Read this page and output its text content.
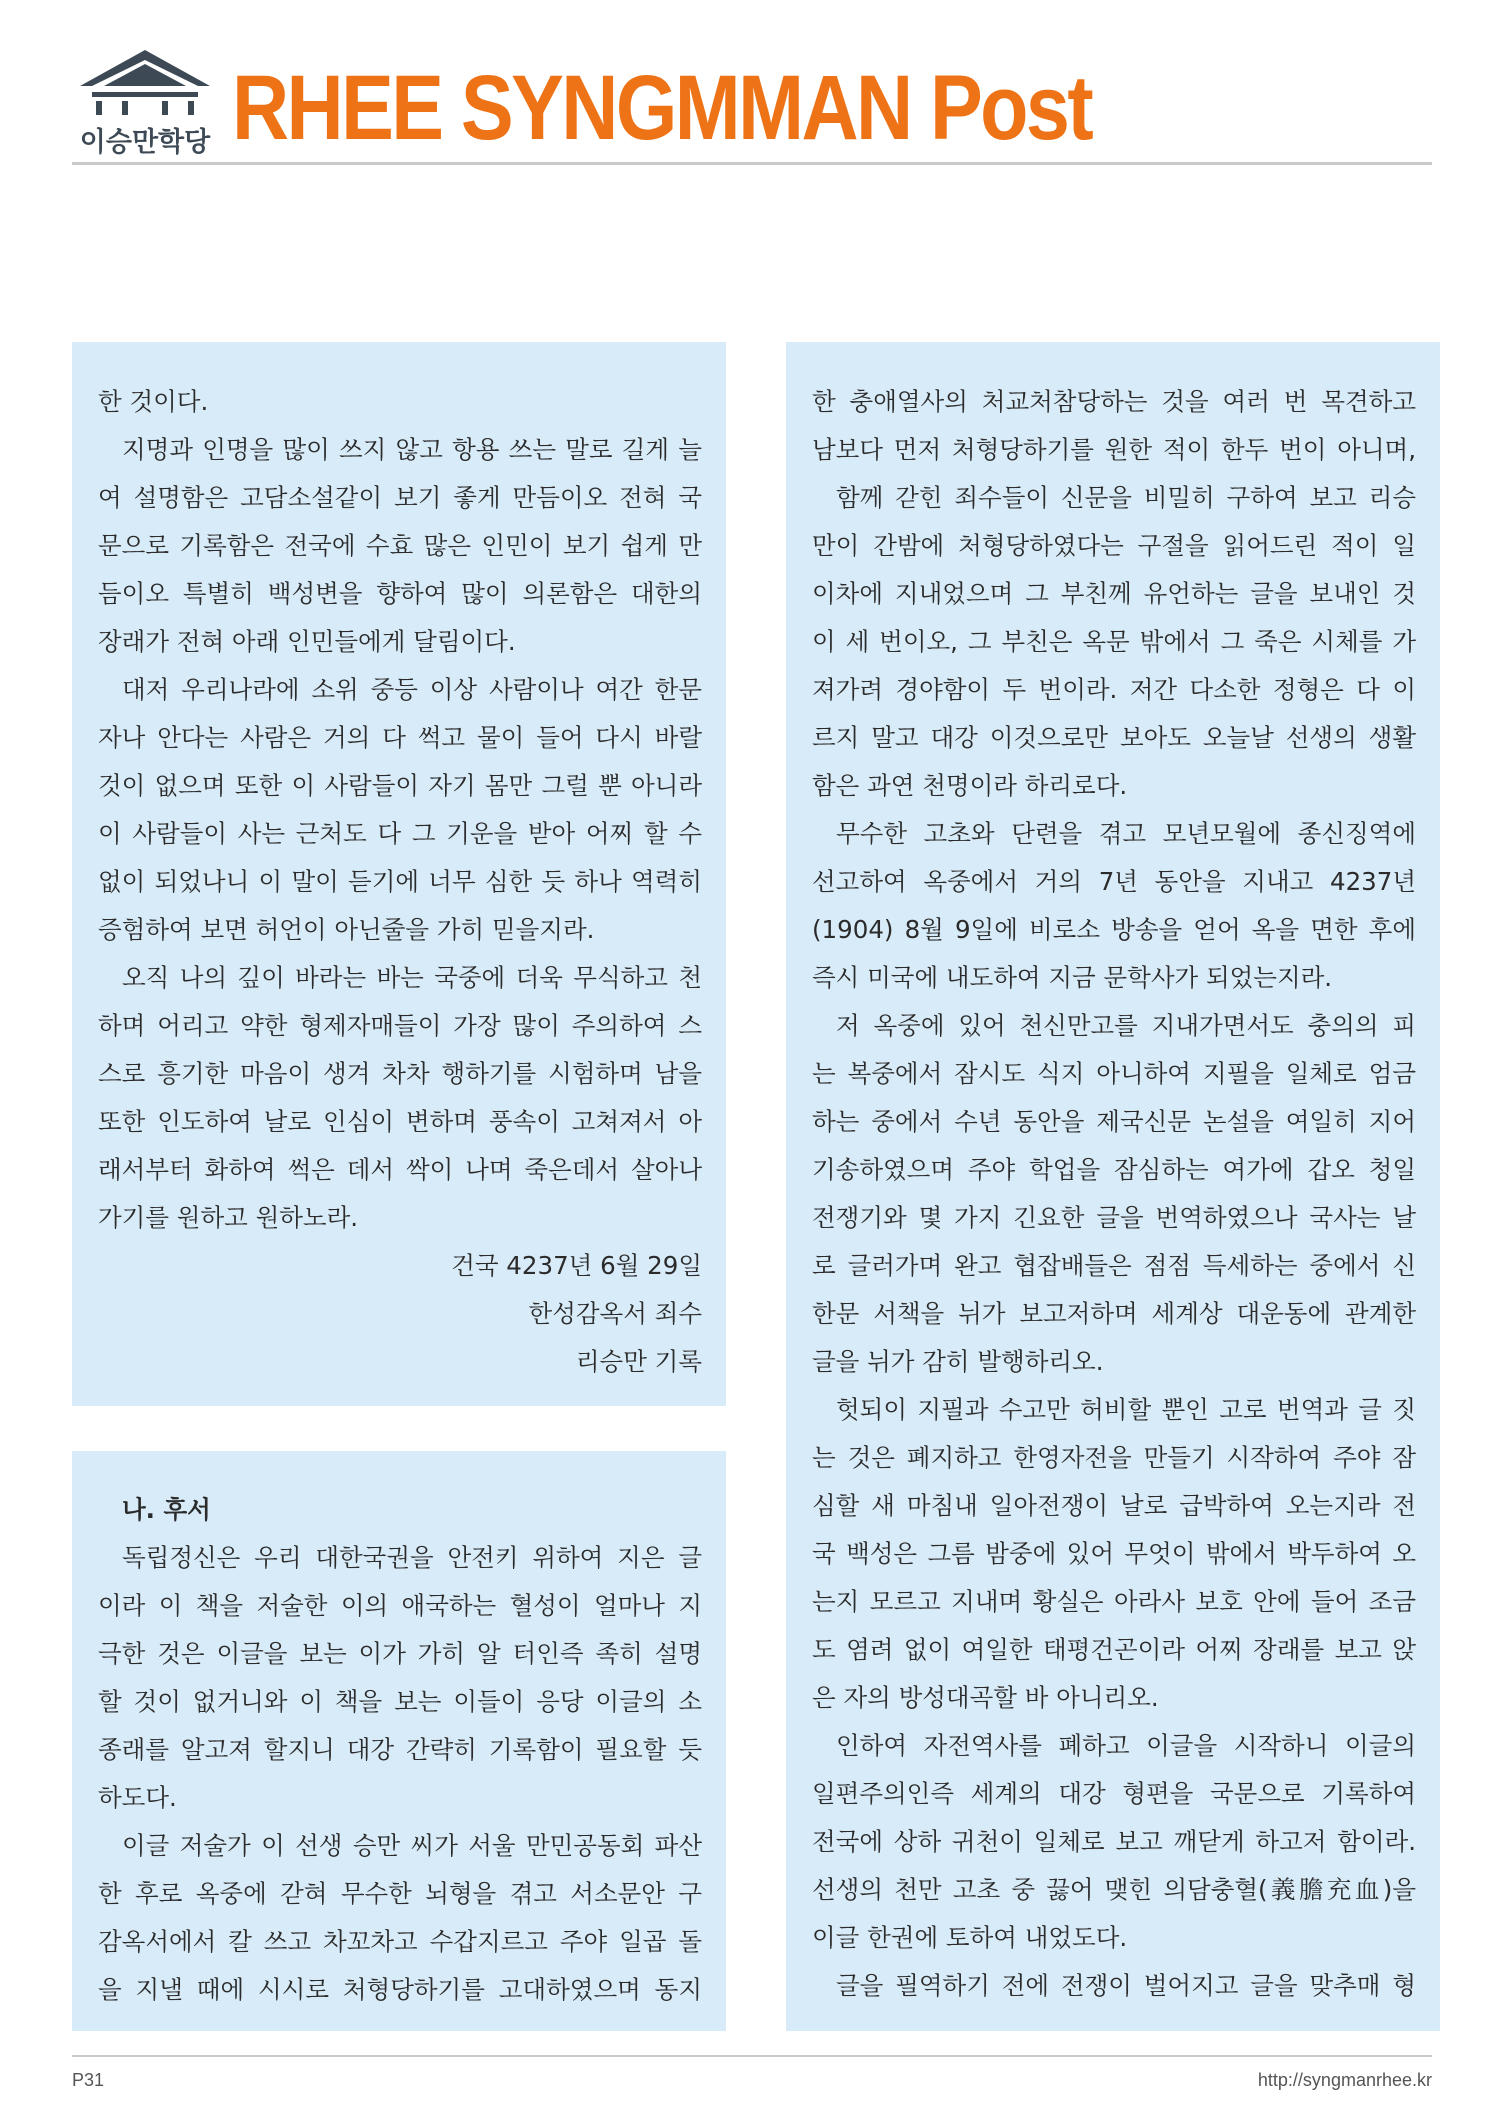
이승만학당 RHEE SYNGMMAN Post

한 것이다.

지명과 인명을 많이 쓰지 않고 항용 쓰는 말로 길게 늘

여 설명함은 고담소설같이 보기 좋게 만듬이오 전혀 국

문으로 기록함은 전국에 수효 많은 인민이 보기 쉽게 만

듬이오 특별히 백성변을 향하여 많이 의론함은 대한의

장래가 전혀 아래 인민들에게 달림이다.

대저 우리나라에 소위 중등 이상 사람이나 여간 한문

자나 안다는 사람은 거의 다 썩고 물이 들어 다시 바랄

것이 없으며 또한 이 사람들이 자기 몸만 그럴 뿐 아니라

이 사람들이 사는 근처도 다 그 기운을 받아 어찌 할 수

없이 되었나니 이 말이 듣기에 너무 심한 듯 하나 역력히

증험하여 보면 허언이 아닌줄을 가히 믿을지라.

오직 나의 깊이 바라는 바는 국중에 더욱 무식하고 천

하며 어리고 약한 형제자매들이 가장 많이 주의하여 스

스로 흥기한 마음이 생겨 차차 행하기를 시험하며 남을

또한 인도하여 날로 인심이 변하며 풍속이 고쳐져서 아

래서부터 화하여 썩은 데서 싹이 나며 죽은데서 살아나

가기를 원하고 원하노라.

건국 4237년 6월 29일

한성감옥서 죄수

리승만 기록

나. 후서

독립정신은 우리 대한국권을 안전키 위하여 지은 글

이라 이 책을 저술한 이의 애국하는 혈성이 얼마나 지

극한 것은 이글을 보는 이가 가히 알 터인즉 족히 설명

할 것이 없거니와 이 책을 보는 이들이 응당 이글의 소

종래를 알고져 할지니 대강 간략히 기록함이 필요할 듯

하도다.

이글 저술가 이 선생 승만 씨가 서울 만민공동회 파산

한 후로 옥중에 갇혀 무수한 뇌형을 겪고 서소문안 구

감옥서에서 칼 쓰고 차꼬차고 수갑지르고 주야 일곱 돌

을 지낼 때에 시시로 처형당하기를 고대하였으며 동지

한 충애열사의 처교처참당하는 것을 여러 번 목견하고

남보다 먼저 처형당하기를 원한 적이 한두 번이 아니며,

함께 갇힌 죄수들이 신문을 비밀히 구하여 보고 리승

만이 간밤에 처형당하였다는 구절을 읽어드린 적이 일

이차에 지내었으며 그 부친께 유언하는 글을 보내인 것

이 세 번이오, 그 부친은 옥문 밖에서 그 죽은 시체를 가

져가려 경야함이 두 번이라. 저간 다소한 정형은 다 이

르지 말고 대강 이것으로만 보아도 오늘날 선생의 생활

함은 과연 천명이라 하리로다.

무수한 고초와 단련을 겪고 모년모월에 종신징역에

선고하여 옥중에서 거의 7년 동안을 지내고 4237년

(1904) 8월 9일에 비로소 방송을 얻어 옥을 면한 후에

즉시 미국에 내도하여 지금 문학사가 되었는지라.

저 옥중에 있어 천신만고를 지내가면서도 충의의 피

는 복중에서 잠시도 식지 아니하여 지필을 일체로 엄금

하는 중에서 수년 동안을 제국신문 논설을 여일히 지어

기송하였으며 주야 학업을 잠심하는 여가에 갑오 청일

전쟁기와 몇 가지 긴요한 글을 번역하였으나 국사는 날

로 글러가며 완고 협잡배들은 점점 득세하는 중에서 신

한문 서책을 뉘가 보고저하며 세계상 대운동에 관계한

글을 뉘가 감히 발행하리오.

헛되이 지필과 수고만 허비할 뿐인 고로 번역과 글 짓

는 것은 폐지하고 한영자전을 만들기 시작하여 주야 잠

심할 새 마침내 일아전쟁이 날로 급박하여 오는지라 전

국 백성은 그름 밤중에 있어 무엇이 밖에서 박두하여 오

는지 모르고 지내며 황실은 아라사 보호 안에 들어 조금

도 염려 없이 여일한 태평건곤이라 어찌 장래를 보고 앉

은 자의 방성대곡할 바 아니리오.

인하여 자전역사를 폐하고 이글을 시작하니 이글의

일편주의인즉 세계의 대강 형편을 국문으로 기록하여

전국에 상하 귀천이 일체로 보고 깨닫게 하고저 함이라.

선생의 천만 고초 중 끓어 맺힌 의담충혈(義膽充血)을

이글 한권에 토하여 내었도다.

글을 필역하기 전에 전쟁이 벌어지고 글을 맞추매 형

P31	http://syngmanrhee.kr
